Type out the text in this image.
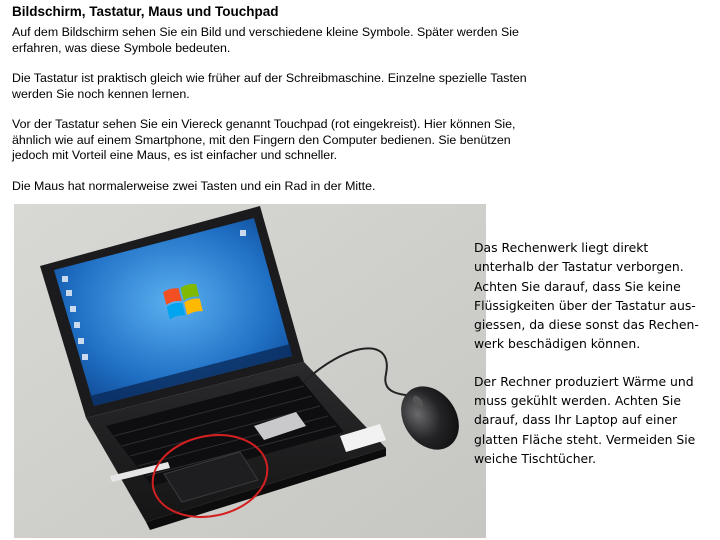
Bildschirm, Tastatur, Maus und Touchpad
Auf dem Bildschirm sehen Sie ein Bild und verschiedene kleine Symbole. Später werden Sie
erfahren, was diese Symbole bedeuten.
Die Tastatur ist praktisch gleich wie früher auf der Schreibmaschine. Einzelne spezielle Tasten
werden Sie noch kennen lernen.
Vor der Tastatur sehen Sie ein Viereck genannt Touchpad (rot eingekreist). Hier können Sie,
ähnlich wie auf einem Smartphone, mit den Fingern den Computer bedienen. Sie benützen
jedoch mit Vorteil eine Maus, es ist einfacher und schneller.
Die Maus hat normalerweise zwei Tasten und ein Rad in der Mitte.

Das Rechenwerk liegt direkt
unterhalb der Tastatur verborgen.
Achten Sie darauf, dass Sie keine
Flüssigkeiten über der Tastatur aus-
giessen, da diese sonst das Rechen-
werk beschädigen können.

Der Rechner produziert Wärme und
muss gekühlt werden. Achten Sie
darauf, dass Ihr Laptop auf einer
glatten Fläche steht. Vermeiden Sie
weiche Tischtücher.
